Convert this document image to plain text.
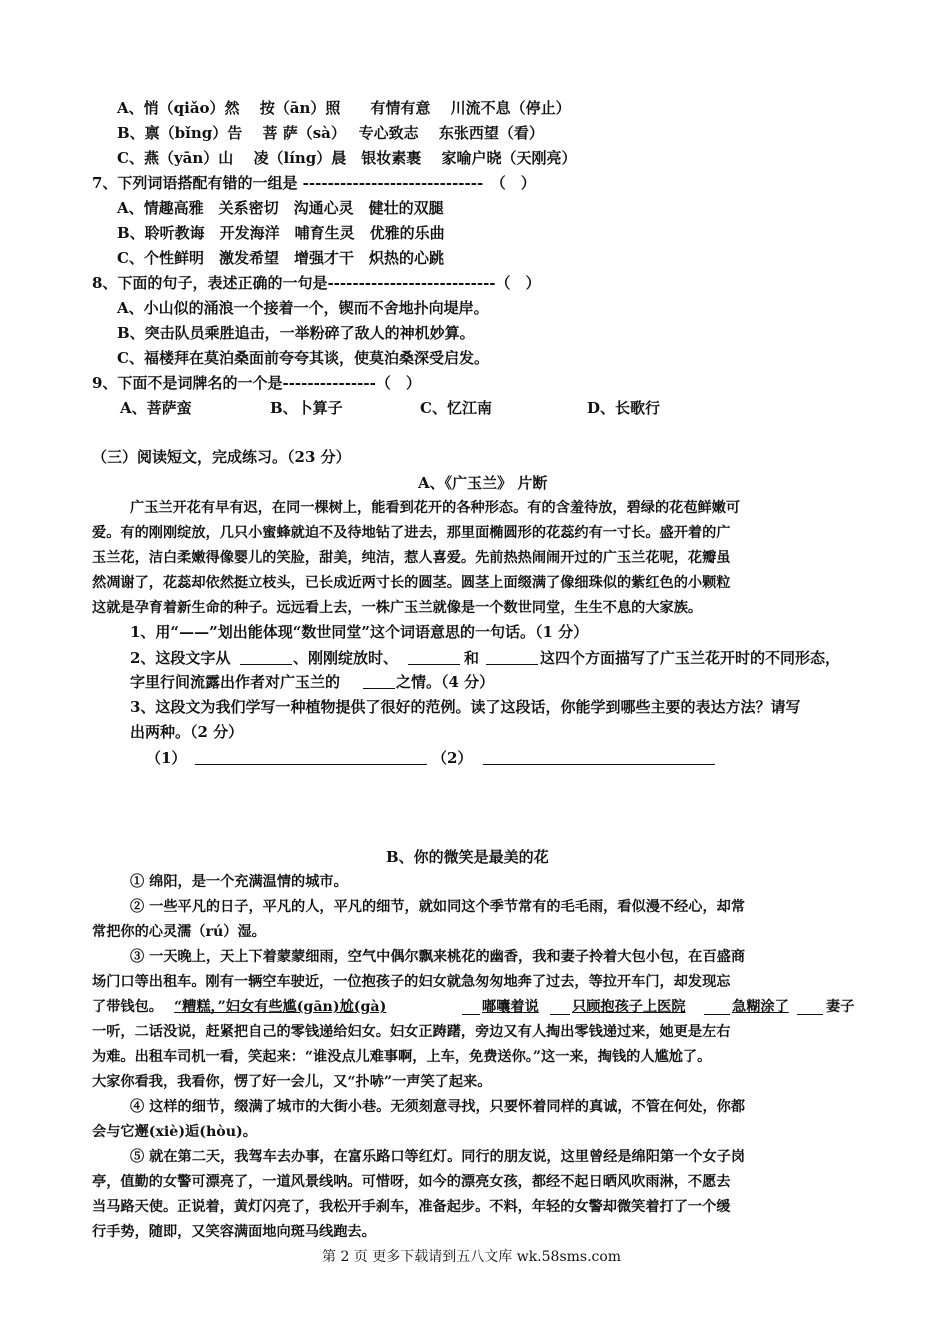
A、悄（qiǎo）然　 按（ān）照　　有情有意　 川流不息（停止）
B、禀（bǐng）告　 菩 萨（sà）　 专心致志　 东张西望（看）
C、燕（yān）山　 凌（líng）晨　银妆素裹　 家喻户晓（天刚亮）
7、下列词语搭配有错的一组是 -----------------------------　（　）
A、情趣高雅　关系密切　沟通心灵　健壮的双腿
B、聆听教诲　开发海洋　哺育生灵　优雅的乐曲
C、个性鲜明　激发希望　增强才干　炽热的心跳
8、下面的句子，表述正确的一句是---------------------------（　）
A、小山似的涌浪一个接着一个，锲而不舍地扑向堤岸。
B、突击队员乘胜追击，一举粉碎了敌人的神机妙算。
C、福楼拜在莫泊桑面前夸夸其谈，使莫泊桑深受启发。
9、下面不是词牌名的一个是---------------（　）
A、菩萨蛮	B、卜算子	C、忆江南	D、长歌行
（三）阅读短文，完成练习。（23 分）
A、《广玉兰》 片断
广玉兰开花有早有迟，在同一棵树上，能看到花开的各种形态。有的含羞待放，碧绿的花苞鲜嫩可
爱。有的刚刚绽放，几只小蜜蜂就迫不及待地钻了进去，那里面椭圆形的花蕊约有一寸长。盛开着的广
玉兰花，洁白柔嫩得像婴儿的笑脸，甜美，纯洁，惹人喜爱。先前热热闹闹开过的广玉兰花呢，花瓣虽
然凋谢了，花蕊却依然挺立枝头，已长成近两寸长的圆茎。圆茎上面缀满了像细珠似的紫红色的小颗粒
这就是孕育着新生命的种子。远远看上去，一株广玉兰就像是一个数世同堂，生生不息的大家族。
1、用“——”划出能体现“数世同堂”这个词语意思的一句话。（1 分）
2、这段文字从	、刚刚绽放时、	和	这四个方面描写了广玉兰花开时的不同形态，
字里行间流露出作者对广玉兰的	之情。（4 分）
3、这段文为我们学写一种植物提供了很好的范例。读了这段话，你能学到哪些主要的表达方法？请写
出两种。（2 分）
（1）	（2）
B、你的微笑是最美的花
① 绵阳，是一个充满温情的城市。
② 一些平凡的日子，平凡的人，平凡的细节，就如同这个季节常有的毛毛雨，看似漫不经心，却常
常把你的心灵濡（rú）湿。
③ 一天晚上，天上下着蒙蒙细雨，空气中偶尔飘来桃花的幽香，我和妻子拎着大包小包，在百盛商
场门口等出租车。刚有一辆空车驶近，一位抱孩子的妇女就急匆匆地奔了过去，等拉开车门，却发现忘
了带钱包。 “糟糕，”妇女有些尴(gān)尬(gà)	嘟囔着说 只顾抱孩子上医院	急糊涂了	妻子
一听，二话没说，赶紧把自己的零钱递给妇女。妇女正踌躇，旁边又有人掏出零钱递过来，她更是左右
为难。出租车司机一看，笑起来：“谁没点儿难事啊，上车，免费送你。”这一来，掏钱的人尴尬了。
大家你看我，我看你，愣了好一会儿，又“扑哧”一声笑了起来。
④ 这样的细节，缀满了城市的大街小巷。无须刻意寻找，只要怀着同样的真诚，不管在何处，你都
会与它邂(xiè)逅(hòu)。
⑤ 就在第二天，我驾车去办事，在富乐路口等红灯。同行的朋友说，这里曾经是绵阳第一个女子岗
亭，值勤的女警可漂亮了，一道风景线呐。可惜呀，如今的漂亮女孩，都经不起日晒风吹雨淋，不愿去
当马路天使。正说着，黄灯闪亮了，我松开手刹车，准备起步。不料，年轻的女警却微笑着打了一个缓
行手势，随即，又笑容满面地向斑马线跑去。
第 2 页 更多下载请到五八文库 wk.58sms.com
